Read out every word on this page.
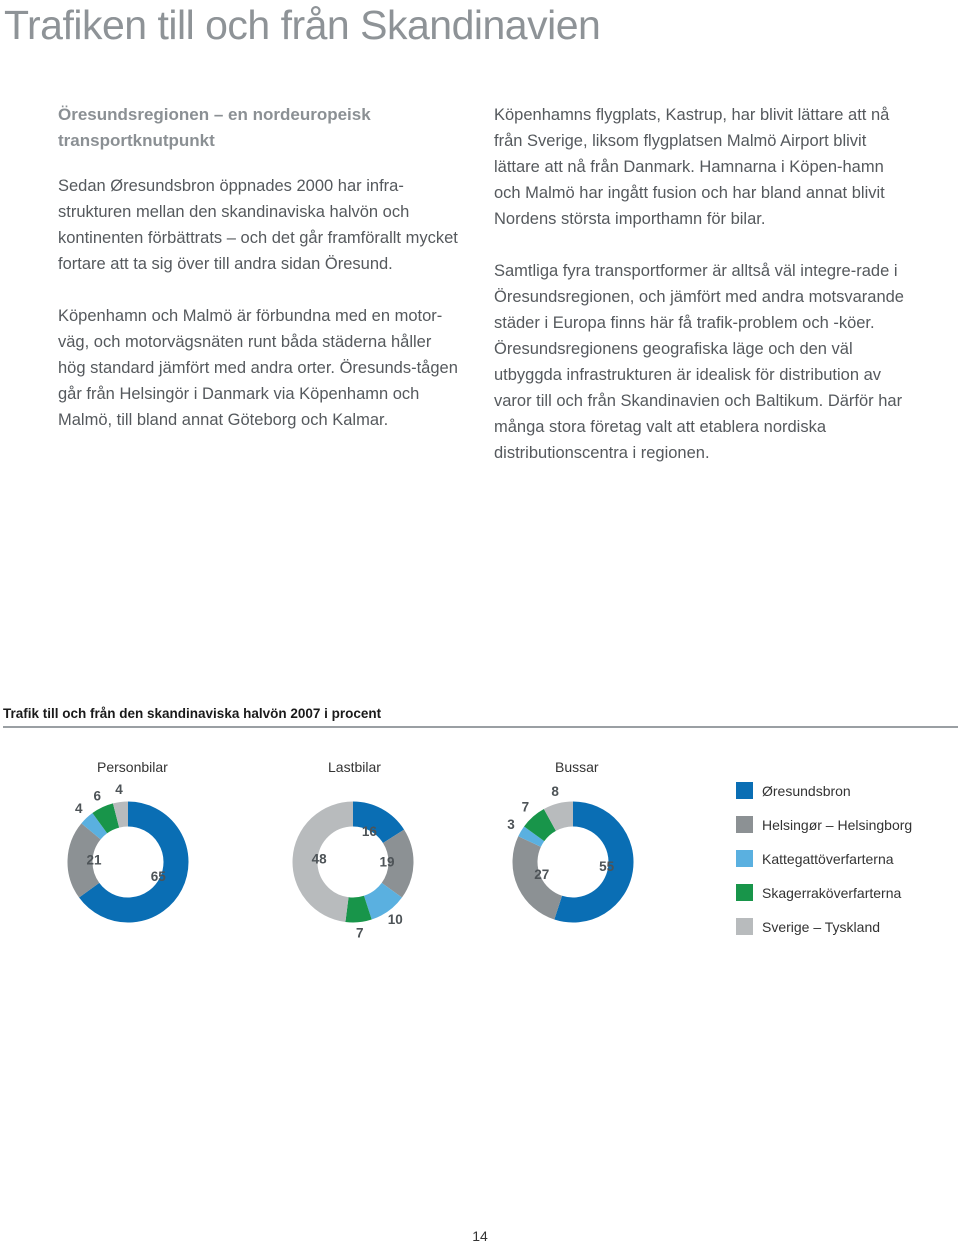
Trafiken till och från Skandinavien
Öresundsregionen – en nordeuropeisk transportknutpunkt

Sedan Øresundsbron öppnades 2000 har infra-strukturen mellan den skandinaviska halvön och kontinenten förbättrats – och det går framförallt mycket fortare att ta sig över till andra sidan Öresund.

Köpenhamn och Malmö är förbundna med en motor-väg, och motorvägsnäten runt båda städerna håller hög standard jämfört med andra orter. Öresunds-tågen går från Helsingör i Danmark via Köpenhamn och Malmö, till bland annat Göteborg och Kalmar.

Köpenhamns flygplats, Kastrup, har blivit lättare att nå från Sverige, liksom flygplatsen Malmö Airport blivit lättare att nå från Danmark. Hamnarna i Köpen-hamn och Malmö har ingått fusion och har bland annat blivit Nordens största importhamn för bilar.

Samtliga fyra transportformer är alltså väl integre-rade i Öresundsregionen, och jämfört med andra motsvarande städer i Europa finns här få trafik-problem och -köer. Öresundsregionens geografiska läge och den väl utbyggda infrastrukturen är idealisk för distribution av varor till och från Skandinavien och Baltikum. Därför har många stora företag valt att etablera nordiska distributionscentra i regionen.

Trafik till och från den skandinaviska halvön 2007 i procent
Personbilar	Lastbilar	Bussar
65
21
4
6 4
16
19
10
7
48	55
27
3
7
8	Øresundsbron
Helsingør – Helsingborg
Kattegattöverfarterna
Skagerraköverfarterna
Sverige – Tyskland
14
